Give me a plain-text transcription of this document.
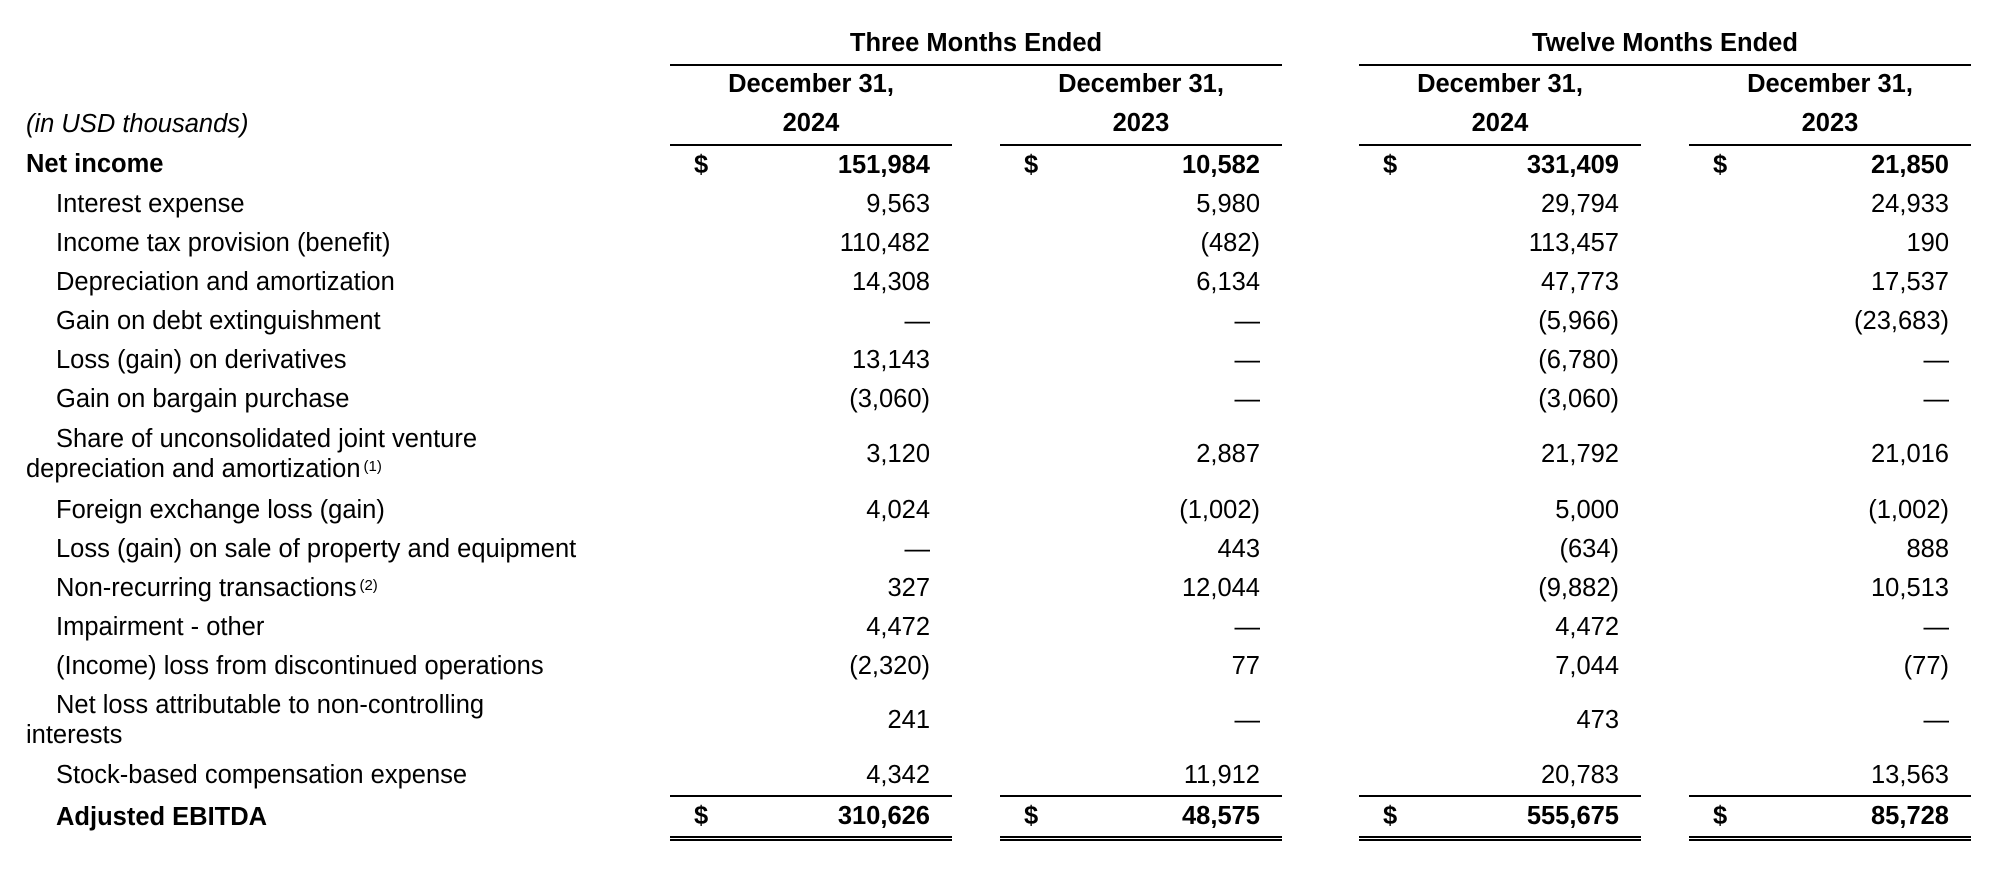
	Three Months Ended				Twelve Months Ended		
	December 31,		December 31,		December 31,		December 31,
(in USD thousands)	2024		2023		2024		2023
Net income	$ 151,984		$ 10,582		$ 331,409		$ 21,850

Interest expense	9,563		5,980		29,794		24,933

Income tax provision (benefit)	110,482		(482)		113,457		190

Depreciation and amortization	14,308		6,134		47,773		17,537

Gain on debt extinguishment	—		—		(5,966)		(23,683)

Loss (gain) on derivatives	13,143		—		(6,780)		—

Gain on bargain purchase	(3,060)		—		(3,060)		—

Share of unconsolidated joint venture
depreciation and amortization $^{(1)}$	3,120		2,887		21,792		21,016

Foreign exchange loss (gain)	4,024		(1,002)		5,000		(1,002)

Loss (gain) on sale of property and equipment	—		443		(634)		888

Non-recurring transactions $^{(2)}$	327		12,044		(9,882)		10,513

Impairment - other	4,472		—		4,472		—

(Income) loss from discontinued operations	(2,320)		77		7,044		(77)

Net loss attributable to non-controlling
interests	241		—		473		—

Stock-based compensation expense	4,342		11,912		20,783		13,563

Adjusted EBITDA	$ 310,626		$ 48,575		$ 555,675		$ 85,728
